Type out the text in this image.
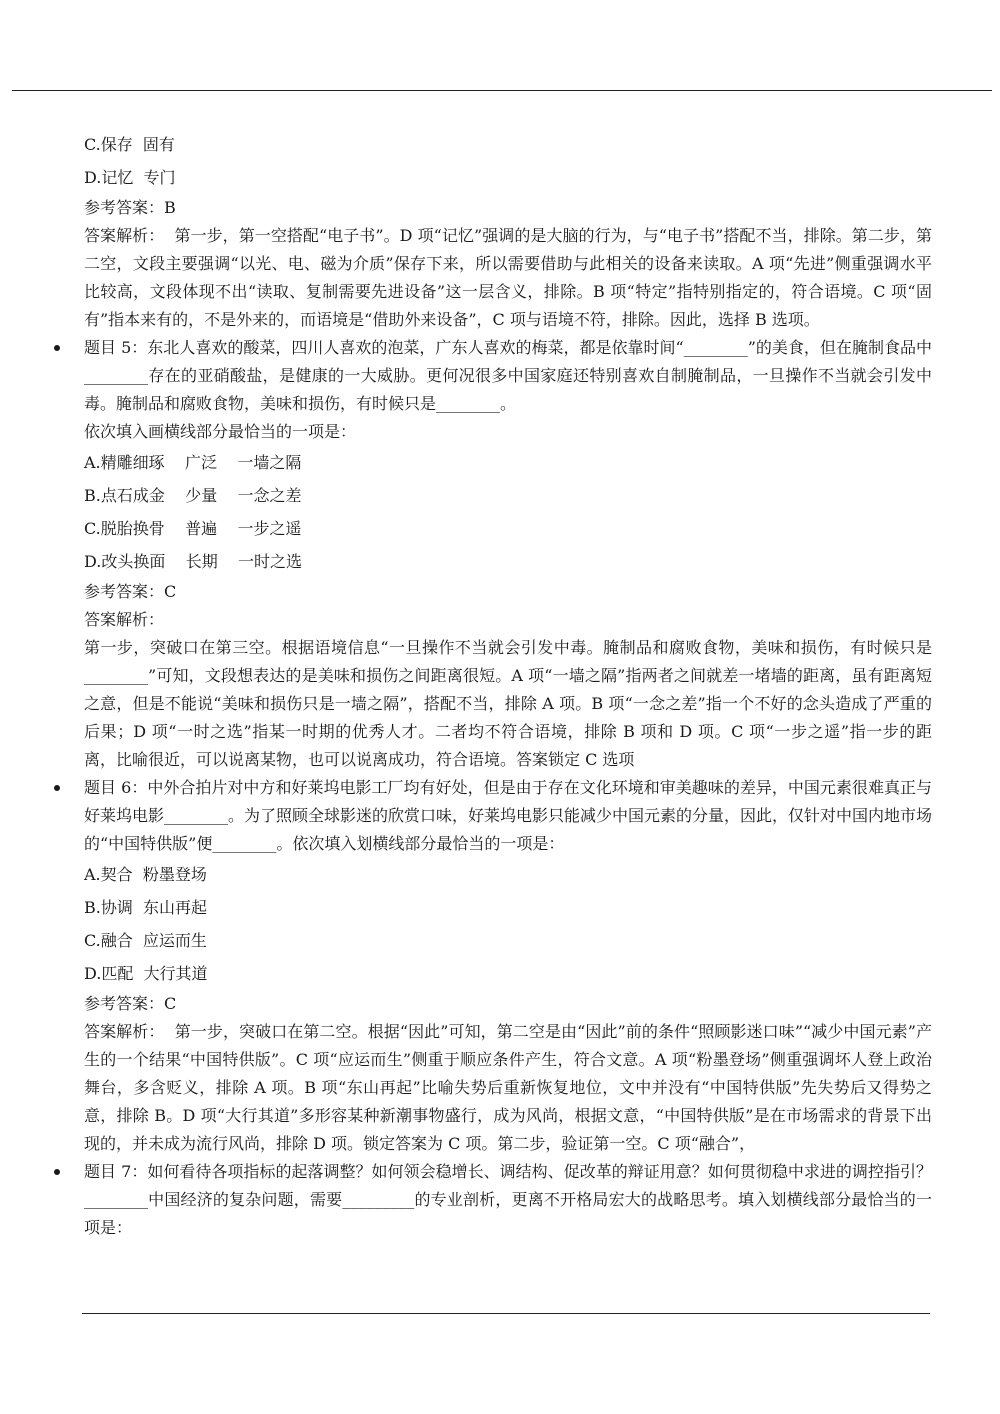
C.保存  固有
D.记忆  专门
参考答案：B
答案解析：  第一步，第一空搭配“电子书”。D 项“记忆”强调的是大脑的行为，与“电子书”搭配不当，排除。第二步，第二空，文段主要强调“以光、电、磁为介质”保存下来，所以需要借助与此相关的设备来读取。A 项“先进”侧重强调水平比较高，文段体现不出“读取、复制需要先进设备”这一层含义，排除。B 项“特定”指特别指定的，符合语境。C 项“固有”指本来有的，不是外来的，而语境是“借助外来设备”，C 项与语境不符，排除。因此，选择 B 选项。
题目 5：东北人喜欢的酸菜，四川人喜欢的泡菜，广东人喜欢的梅菜，都是依靠时间“________”的美食，但在腌制食品中________存在的亚硝酸盐，是健康的一大威胁。更何况很多中国家庭还特别喜欢自制腌制品，一旦操作不当就会引发中毒。腌制品和腐败食物，美味和损伤，有时候只是________。
依次填入画横线部分最恰当的一项是：
A.精雕细琢    广泛    一墙之隔
B.点石成金    少量    一念之差
C.脱胎换骨    普遍    一步之遥
D.改头换面    长期    一时之选
参考答案：C
答案解析：
第一步，突破口在第三空。根据语境信息“一旦操作不当就会引发中毒。腌制品和腐败食物，美味和损伤，有时候只是________”可知，文段想表达的是美味和损伤之间距离很短。A 项“一墙之隔”指两者之间就差一堵墙的距离，虽有距离短之意，但是不能说“美味和损伤只是一墙之隔”，搭配不当，排除 A 项。B 项“一念之差”指一个不好的念头造成了严重的后果；D 项“一时之选”指某一时期的优秀人才。二者均不符合语境，排除 B 项和 D 项。C 项“一步之遥”指一步的距离，比喻很近，可以说离某物，也可以说离成功，符合语境。答案锁定 C 选项
题目 6：中外合拍片对中方和好莱坞电影工厂均有好处，但是由于存在文化环境和审美趣味的差异，中国元素很难真正与好莱坞电影________。为了照顾全球影迷的欣赏口味，好莱坞电影只能减少中国元素的分量，因此，仅针对中国内地市场的“中国特供版”便________。依次填入划横线部分最恰当的一项是：
A.契合  粉墨登场
B.协调  东山再起
C.融合  应运而生
D.匹配  大行其道
参考答案：C
答案解析：  第一步，突破口在第二空。根据“因此”可知，第二空是由“因此”前的条件“照顾影迷口味”“减少中国元素”产生的一个结果“中国特供版”。C 项“应运而生”侧重于顺应条件产生，符合文意。A 项“粉墨登场”侧重强调坏人登上政治舞台，多含贬义，排除 A 项。B 项“东山再起”比喻失势后重新恢复地位，文中并没有“中国特供版”先失势后又得势之意，排除 B。D 项“大行其道”多形容某种新潮事物盛行，成为风尚，根据文意，“中国特供版”是在市场需求的背景下出现的，并未成为流行风尚，排除 D 项。锁定答案为 C 项。第二步，验证第一空。C 项“融合”，
题目 7：如何看待各项指标的起落调整？如何领会稳增长、调结构、促改革的辩证用意？如何贯彻稳中求进的调控指引？________中国经济的复杂问题，需要_________的专业剖析，更离不开格局宏大的战略思考。填入划横线部分最恰当的一项是：
